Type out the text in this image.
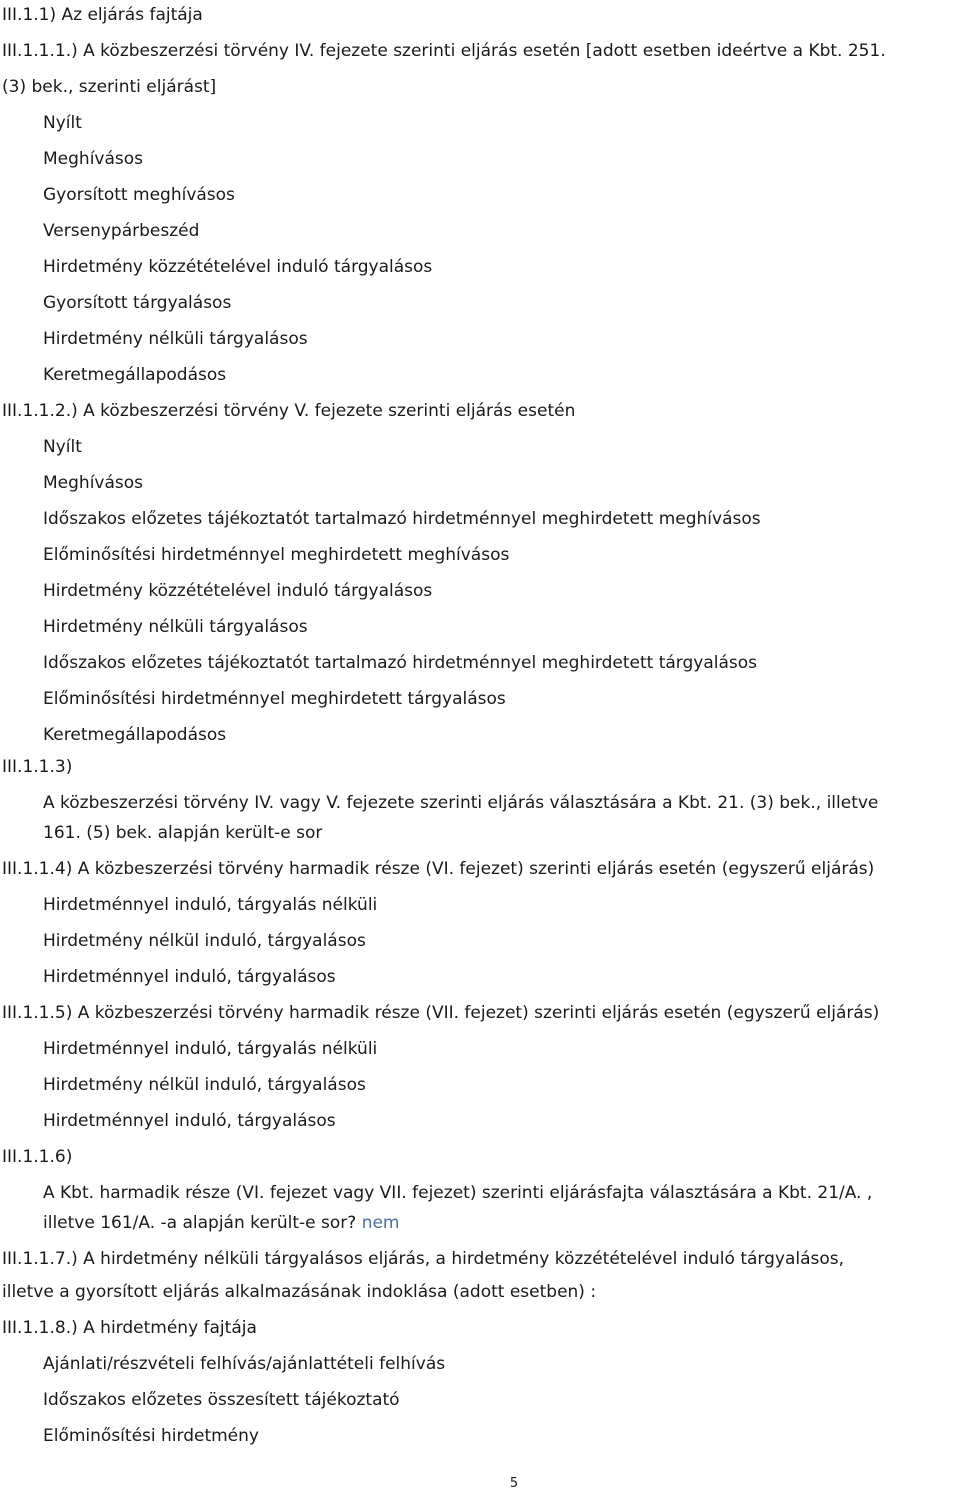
III.1.1) Az eljárás fajtája
III.1.1.1.) A közbeszerzési törvény IV. fejezete szerinti eljárás esetén [adott esetben ideértve a Kbt. 251.
(3) bek., szerinti eljárást]
Nyílt
Meghívásos
Gyorsított meghívásos
Versenypárbeszéd
Hirdetmény közzétételével induló tárgyalásos
Gyorsított tárgyalásos
Hirdetmény nélküli tárgyalásos
Keretmegállapodásos
III.1.1.2.) A közbeszerzési törvény V. fejezete szerinti eljárás esetén
Nyílt
Meghívásos
Időszakos előzetes tájékoztatót tartalmazó hirdetménnyel meghirdetett meghívásos
Előminősítési hirdetménnyel meghirdetett meghívásos
Hirdetmény közzétételével induló tárgyalásos
Hirdetmény nélküli tárgyalásos
Időszakos előzetes tájékoztatót tartalmazó hirdetménnyel meghirdetett tárgyalásos
Előminősítési hirdetménnyel meghirdetett tárgyalásos
Keretmegállapodásos
III.1.1.3)
A közbeszerzési törvény IV. vagy V. fejezete szerinti eljárás választására a Kbt. 21. (3) bek., illetve
161. (5) bek. alapján került-e sor
III.1.1.4) A közbeszerzési törvény harmadik része (VI. fejezet) szerinti eljárás esetén (egyszerű eljárás)
Hirdetménnyel induló, tárgyalás nélküli
Hirdetmény nélkül induló, tárgyalásos
Hirdetménnyel induló, tárgyalásos
III.1.1.5) A közbeszerzési törvény harmadik része (VII. fejezet) szerinti eljárás esetén (egyszerű eljárás)
Hirdetménnyel induló, tárgyalás nélküli
Hirdetmény nélkül induló, tárgyalásos
Hirdetménnyel induló, tárgyalásos
III.1.1.6)
A Kbt. harmadik része (VI. fejezet vagy VII. fejezet) szerinti eljárásfajta választására a Kbt. 21/A. ,
illetve 161/A. -a alapján került-e sor? nem
III.1.1.7.) A hirdetmény nélküli tárgyalásos eljárás, a hirdetmény közzétételével induló tárgyalásos,
illetve a gyorsított eljárás alkalmazásának indoklása (adott esetben) :
III.1.1.8.) A hirdetmény fajtája
Ajánlati/részvételi felhívás/ajánlattételi felhívás
Időszakos előzetes összesített tájékoztató
Előminősítési hirdetmény
5
